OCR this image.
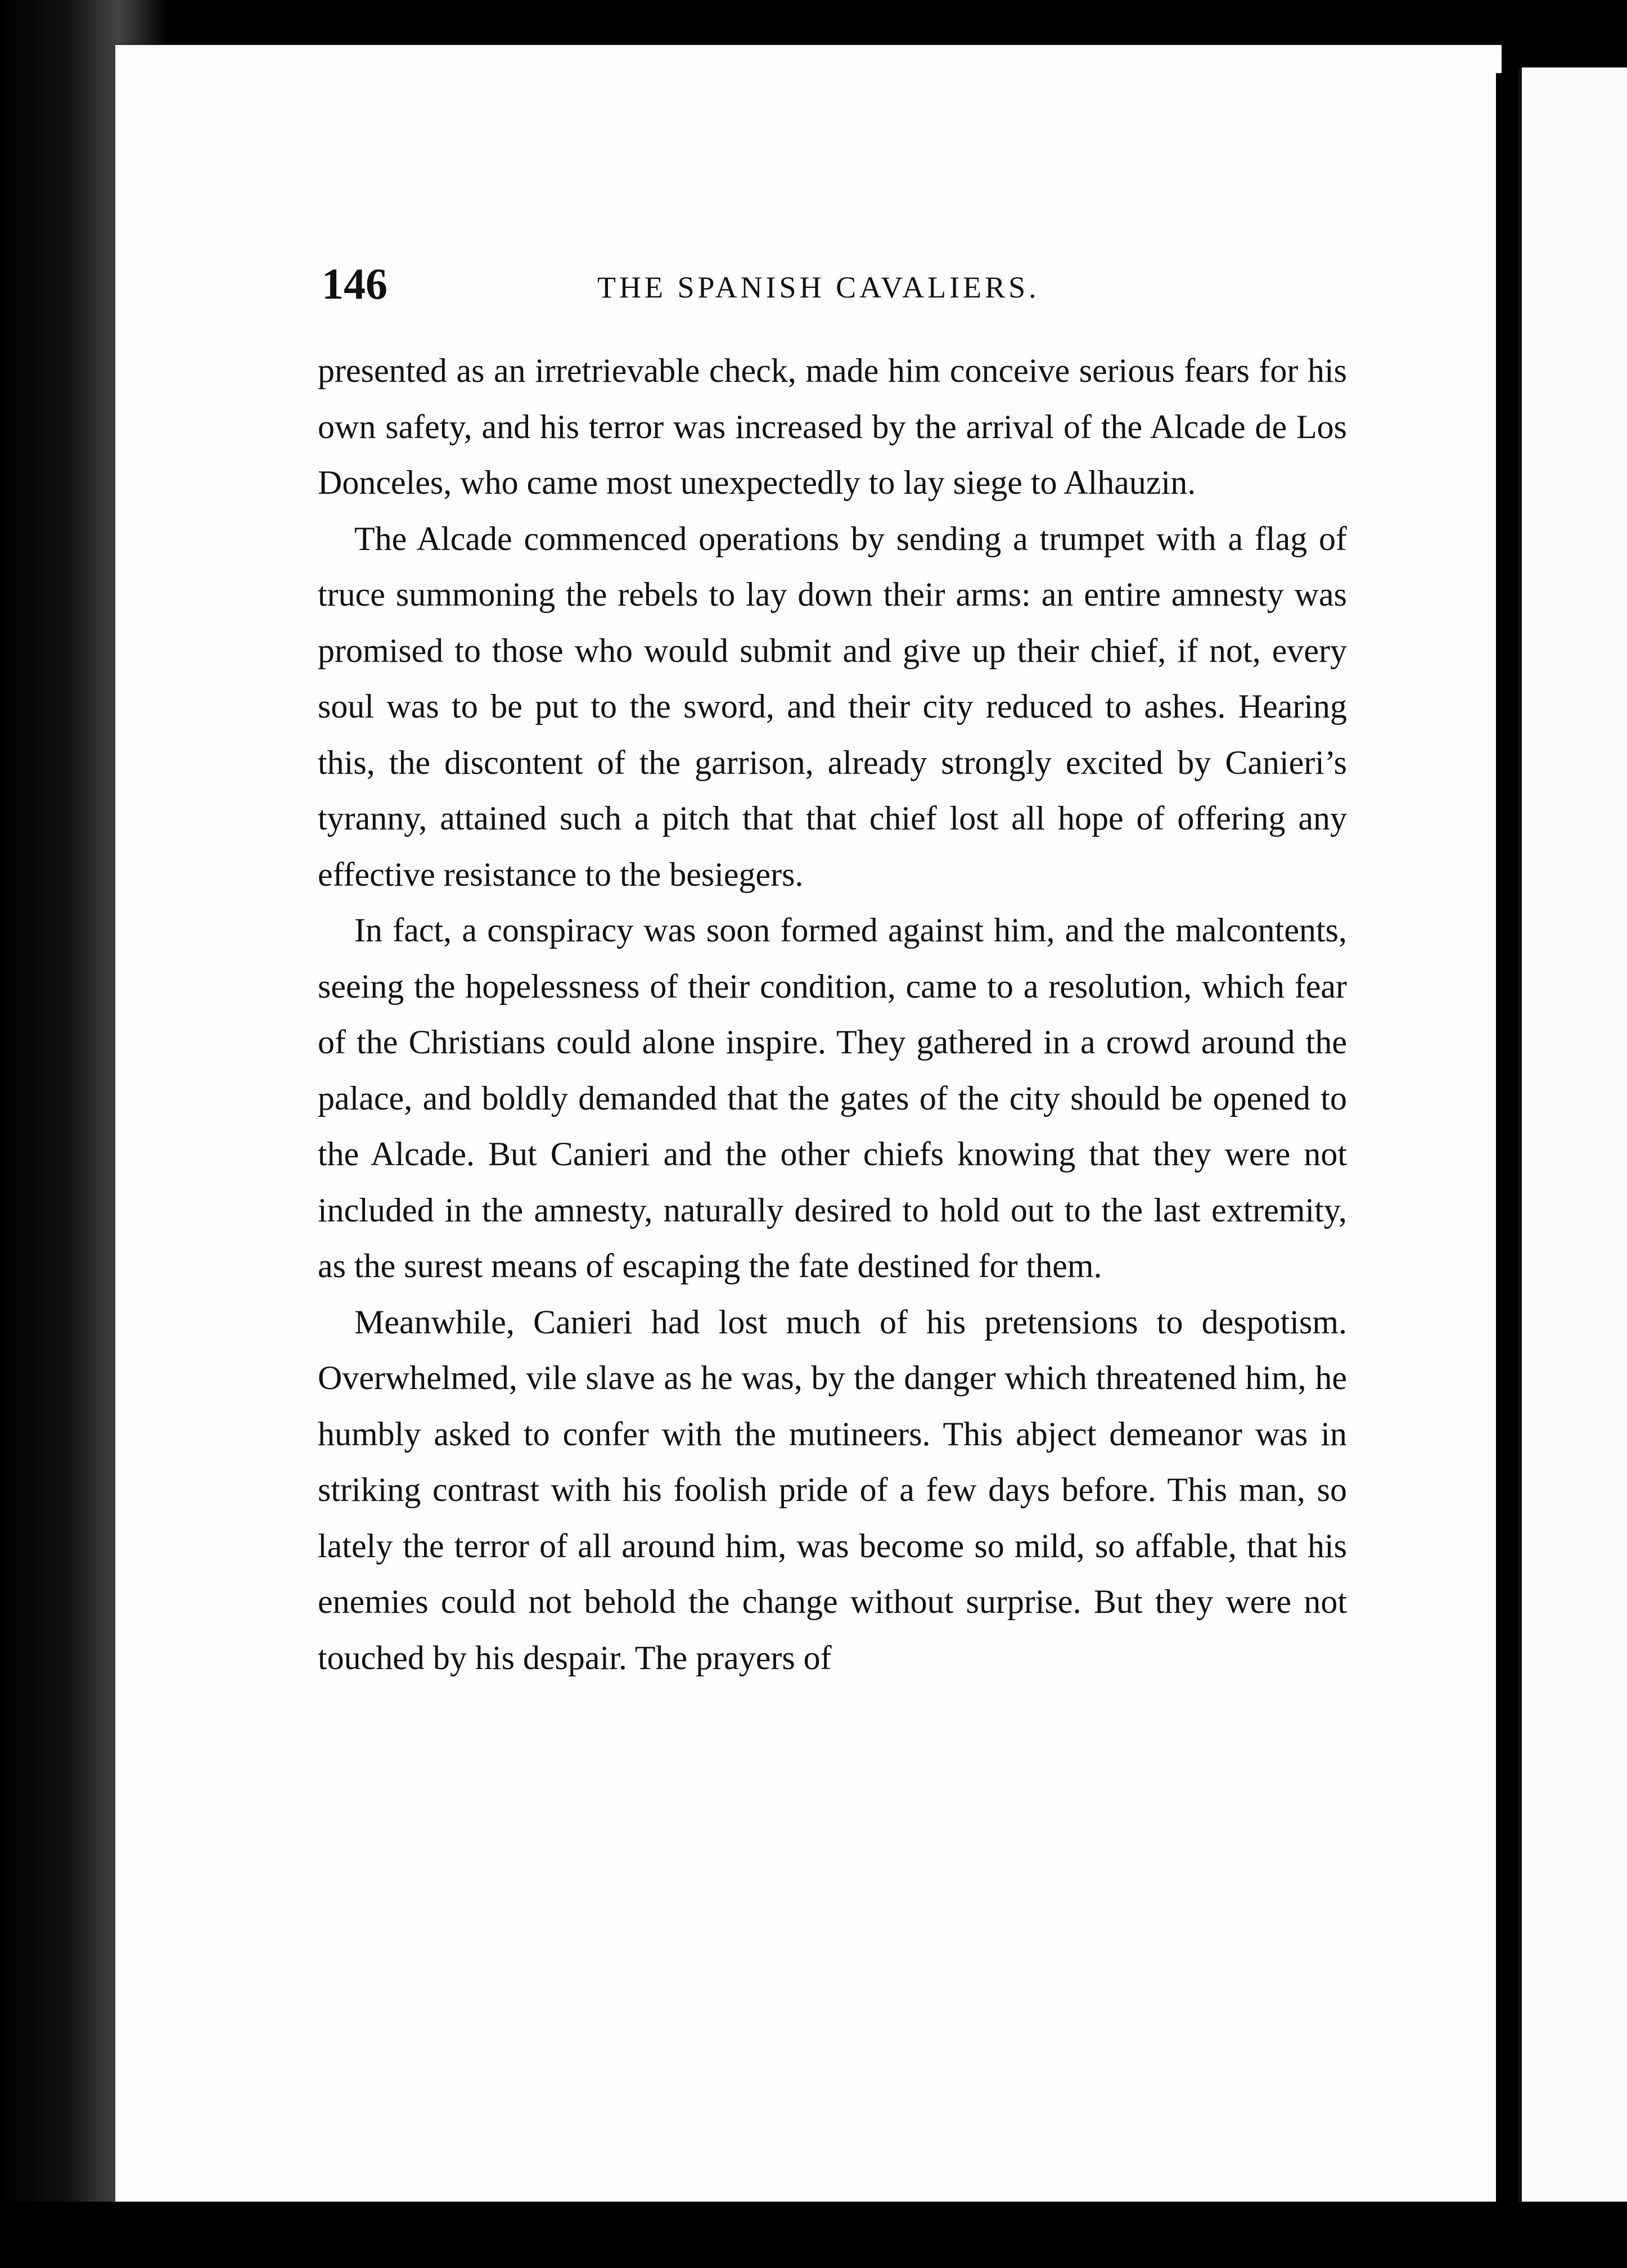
146	THE SPANISH CAVALIERS.

presented as an irretrievable check, made him conceive serious fears for his own safety, and his terror was increased by the arrival of the Alcade de Los Donceles, who came most unexpectedly to lay siege to Alhauzin.

The Alcade commenced operations by sending a trumpet with a flag of truce summoning the rebels to lay down their arms: an entire amnesty was promised to those who would submit and give up their chief, if not, every soul was to be put to the sword, and their city reduced to ashes. Hearing this, the discontent of the garrison, already strongly excited by Canieri’s tyranny, attained such a pitch that that chief lost all hope of offering any effective resistance to the besiegers.

In fact, a conspiracy was soon formed against him, and the malcontents, seeing the hopelessness of their condition, came to a resolution, which fear of the Christians could alone inspire. They gathered in a crowd around the palace, and boldly demanded that the gates of the city should be opened to the Alcade. But Canieri and the other chiefs knowing that they were not included in the amnesty, naturally desired to hold out to the last extremity, as the surest means of escaping the fate destined for them.

Meanwhile, Canieri had lost much of his pretensions to despotism. Overwhelmed, vile slave as he was, by the danger which threatened him, he humbly asked to confer with the mutineers. This abject demeanor was in striking contrast with his foolish pride of a few days before. This man, so lately the terror of all around him, was become so mild, so affable, that his enemies could not behold the change without surprise. But they were not touched by his despair. The prayers of
